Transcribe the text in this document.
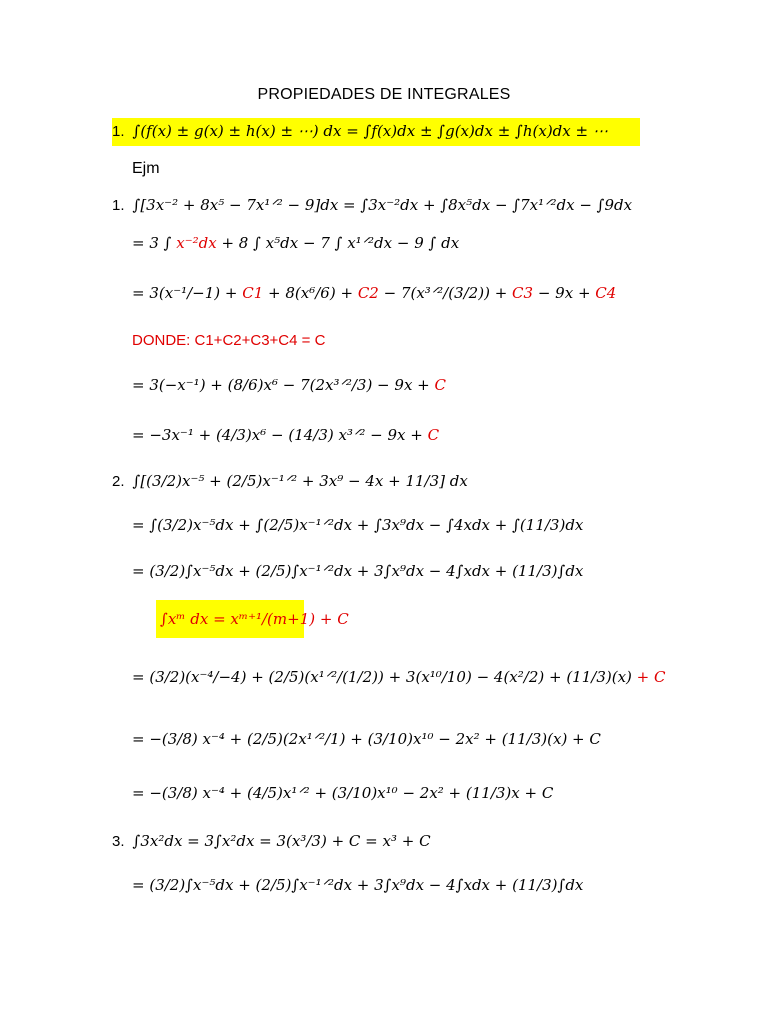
PROPIEDADES DE INTEGRALES
1. ∫(f(x) ± g(x) ± h(x) ± ⋯) dx = ∫f(x)dx ± ∫g(x)dx ± ∫h(x)dx ± ⋯
Ejm
1. ∫[3x⁻² + 8x⁵ − 7x¹ᐟ² − 9]dx = ∫3x⁻²dx + ∫8x⁵dx − ∫7x¹ᐟ²dx − ∫9dx
= 3 ∫ x⁻²dx + 8 ∫ x⁵dx − 7 ∫ x¹ᐟ²dx − 9 ∫ dx
= 3(x⁻¹/−1) + C1 + 8(x⁶/6) + C2 − 7(x³ᐟ²/(3/2)) + C3 − 9x + C4
DONDE: C1+C2+C3+C4 = C
= 3(−x⁻¹) + (8/6)x⁶ − 7(2x³ᐟ²/3) − 9x + C
= −3x⁻¹ + (4/3)x⁶ − (14/3) x³ᐟ² − 9x + C
2. ∫[(3/2)x⁻⁵ + (2/5)x⁻¹ᐟ² + 3x⁹ − 4x + 11/3] dx
= ∫(3/2)x⁻⁵dx + ∫(2/5)x⁻¹ᐟ²dx + ∫3x⁹dx − ∫4xdx + ∫(11/3)dx
= (3/2)∫x⁻⁵dx + (2/5)∫x⁻¹ᐟ²dx + 3∫x⁹dx − 4∫xdx + (11/3)∫dx
∫xᵐ dx = xᵐ⁺¹/(m+1) + C
= (3/2)(x⁻⁴/−4) + (2/5)(x¹ᐟ²/(1/2)) + 3(x¹⁰/10) − 4(x²/2) + (11/3)(x) + C
= −(3/8) x⁻⁴ + (2/5)(2x¹ᐟ²/1) + (3/10)x¹⁰ − 2x² + (11/3)(x) + C
= −(3/8) x⁻⁴ + (4/5)x¹ᐟ² + (3/10)x¹⁰ − 2x² + (11/3)x + C
3. ∫3x²dx = 3∫x²dx = 3(x³/3) + C = x³ + C
= (3/2)∫x⁻⁵dx + (2/5)∫x⁻¹ᐟ²dx + 3∫x⁹dx − 4∫xdx + (11/3)∫dx
